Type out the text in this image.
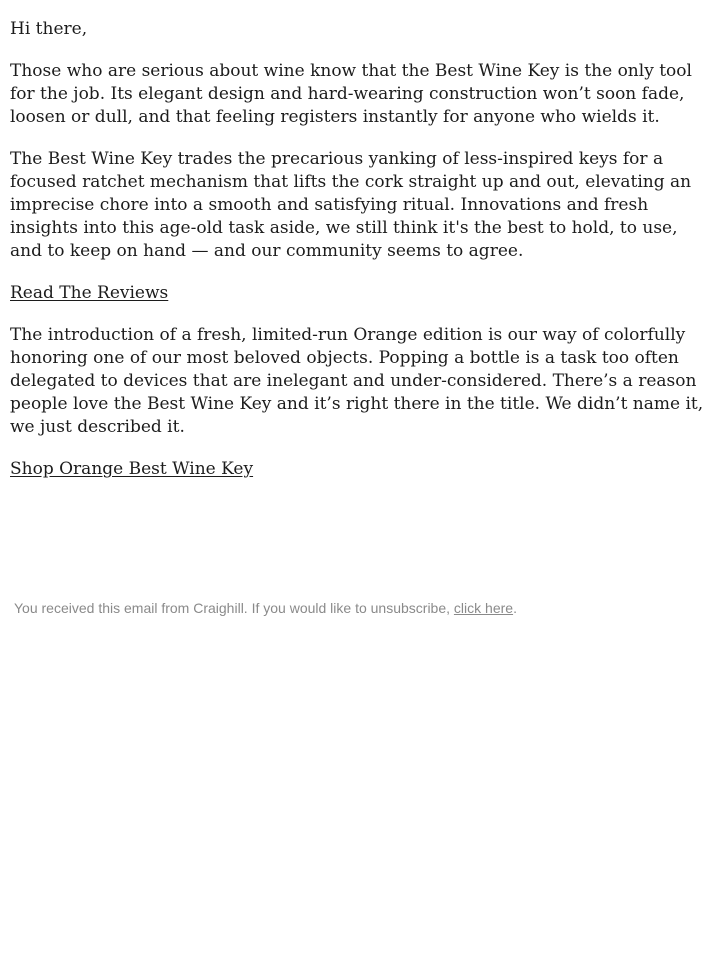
Hi there,

Those who are serious about wine know that the Best Wine Key is the only tool for the job. Its elegant design and hard-wearing construction won’t soon fade, loosen or dull, and that feeling registers instantly for anyone who wields it.

The Best Wine Key trades the precarious yanking of less-inspired keys for a focused ratchet mechanism that lifts the cork straight up and out, elevating an imprecise chore into a smooth and satisfying ritual. Innovations and fresh insights into this age-old task aside, we still think it's the best to hold, to use, and to keep on hand — and our community seems to agree.

Read The Reviews

The introduction of a fresh, limited-run Orange edition is our way of colorfully honoring one of our most beloved objects. Popping a bottle is a task too often delegated to devices that are inelegant and under-considered. There’s a reason people love the Best Wine Key and it’s right there in the title. We didn’t name it, we just described it.

Shop Orange Best Wine Key

You received this email from Craighill. If you would like to unsubscribe, click here.
